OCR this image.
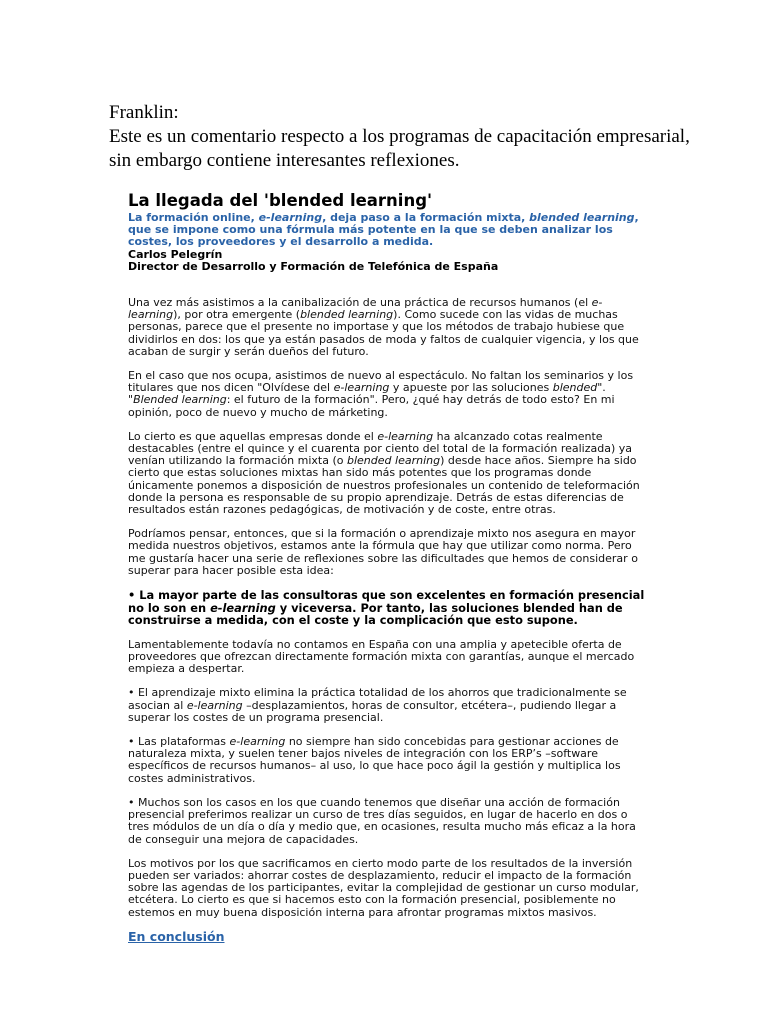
Franklin:
Este es un comentario respecto a los programas de capacitación empresarial, sin embargo contiene interesantes reflexiones.
La llegada del 'blended learning'
La formación online, e-learning, deja paso a la formación mixta, blended learning, que se impone como una fórmula más potente en la que se deben analizar los costes, los proveedores y el desarrollo a medida.
Carlos Pelegrín
Director de Desarrollo y Formación de Telefónica de España

Una vez más asistimos a la canibalización de una práctica de recursos humanos (el e-learning), por otra emergente (blended learning). Como sucede con las vidas de muchas personas, parece que el presente no importase y que los métodos de trabajo hubiese que dividirlos en dos: los que ya están pasados de moda y faltos de cualquier vigencia, y los que acaban de surgir y serán dueños del futuro.

En el caso que nos ocupa, asistimos de nuevo al espectáculo. No faltan los seminarios y los titulares que nos dicen "Olvídese del e-learning y apueste por las soluciones blended". "Blended learning: el futuro de la formación". Pero, ¿qué hay detrás de todo esto? En mi opinión, poco de nuevo y mucho de márketing.

Lo cierto es que aquellas empresas donde el e-learning ha alcanzado cotas realmente destacables (entre el quince y el cuarenta por ciento del total de la formación realizada) ya venían utilizando la formación mixta (o blended learning) desde hace años. Siempre ha sido cierto que estas soluciones mixtas han sido más potentes que los programas donde únicamente ponemos a disposición de nuestros profesionales un contenido de teleformación donde la persona es responsable de su propio aprendizaje. Detrás de estas diferencias de resultados están razones pedagógicas, de motivación y de coste, entre otras.

Podríamos pensar, entonces, que si la formación o aprendizaje mixto nos asegura en mayor medida nuestros objetivos, estamos ante la fórmula que hay que utilizar como norma. Pero me gustaría hacer una serie de reflexiones sobre las dificultades que hemos de considerar o superar para hacer posible esta idea:

• La mayor parte de las consultoras que son excelentes en formación presencial no lo son en e-learning y viceversa. Por tanto, las soluciones blended han de construirse a medida, con el coste y la complicación que esto supone.

Lamentablemente todavía no contamos en España con una amplia y apetecible oferta de proveedores que ofrezcan directamente formación mixta con garantías, aunque el mercado empieza a despertar.

• El aprendizaje mixto elimina la práctica totalidad de los ahorros que tradicionalmente se asocian al e-learning –desplazamientos, horas de consultor, etcétera–, pudiendo llegar a superar los costes de un programa presencial.

• Las plataformas e-learning no siempre han sido concebidas para gestionar acciones de naturaleza mixta, y suelen tener bajos niveles de integración con los ERP’s –software específicos de recursos humanos– al uso, lo que hace poco ágil la gestión y multiplica los costes administrativos.

• Muchos son los casos en los que cuando tenemos que diseñar una acción de formación presencial preferimos realizar un curso de tres días seguidos, en lugar de hacerlo en dos o tres módulos de un día o día y medio que, en ocasiones, resulta mucho más eficaz a la hora de conseguir una mejora de capacidades.

Los motivos por los que sacrificamos en cierto modo parte de los resultados de la inversión pueden ser variados: ahorrar costes de desplazamiento, reducir el impacto de la formación sobre las agendas de los participantes, evitar la complejidad de gestionar un curso modular, etcétera. Lo cierto es que si hacemos esto con la formación presencial, posiblemente no estemos en muy buena disposición interna para afrontar programas mixtos masivos.

En conclusión
